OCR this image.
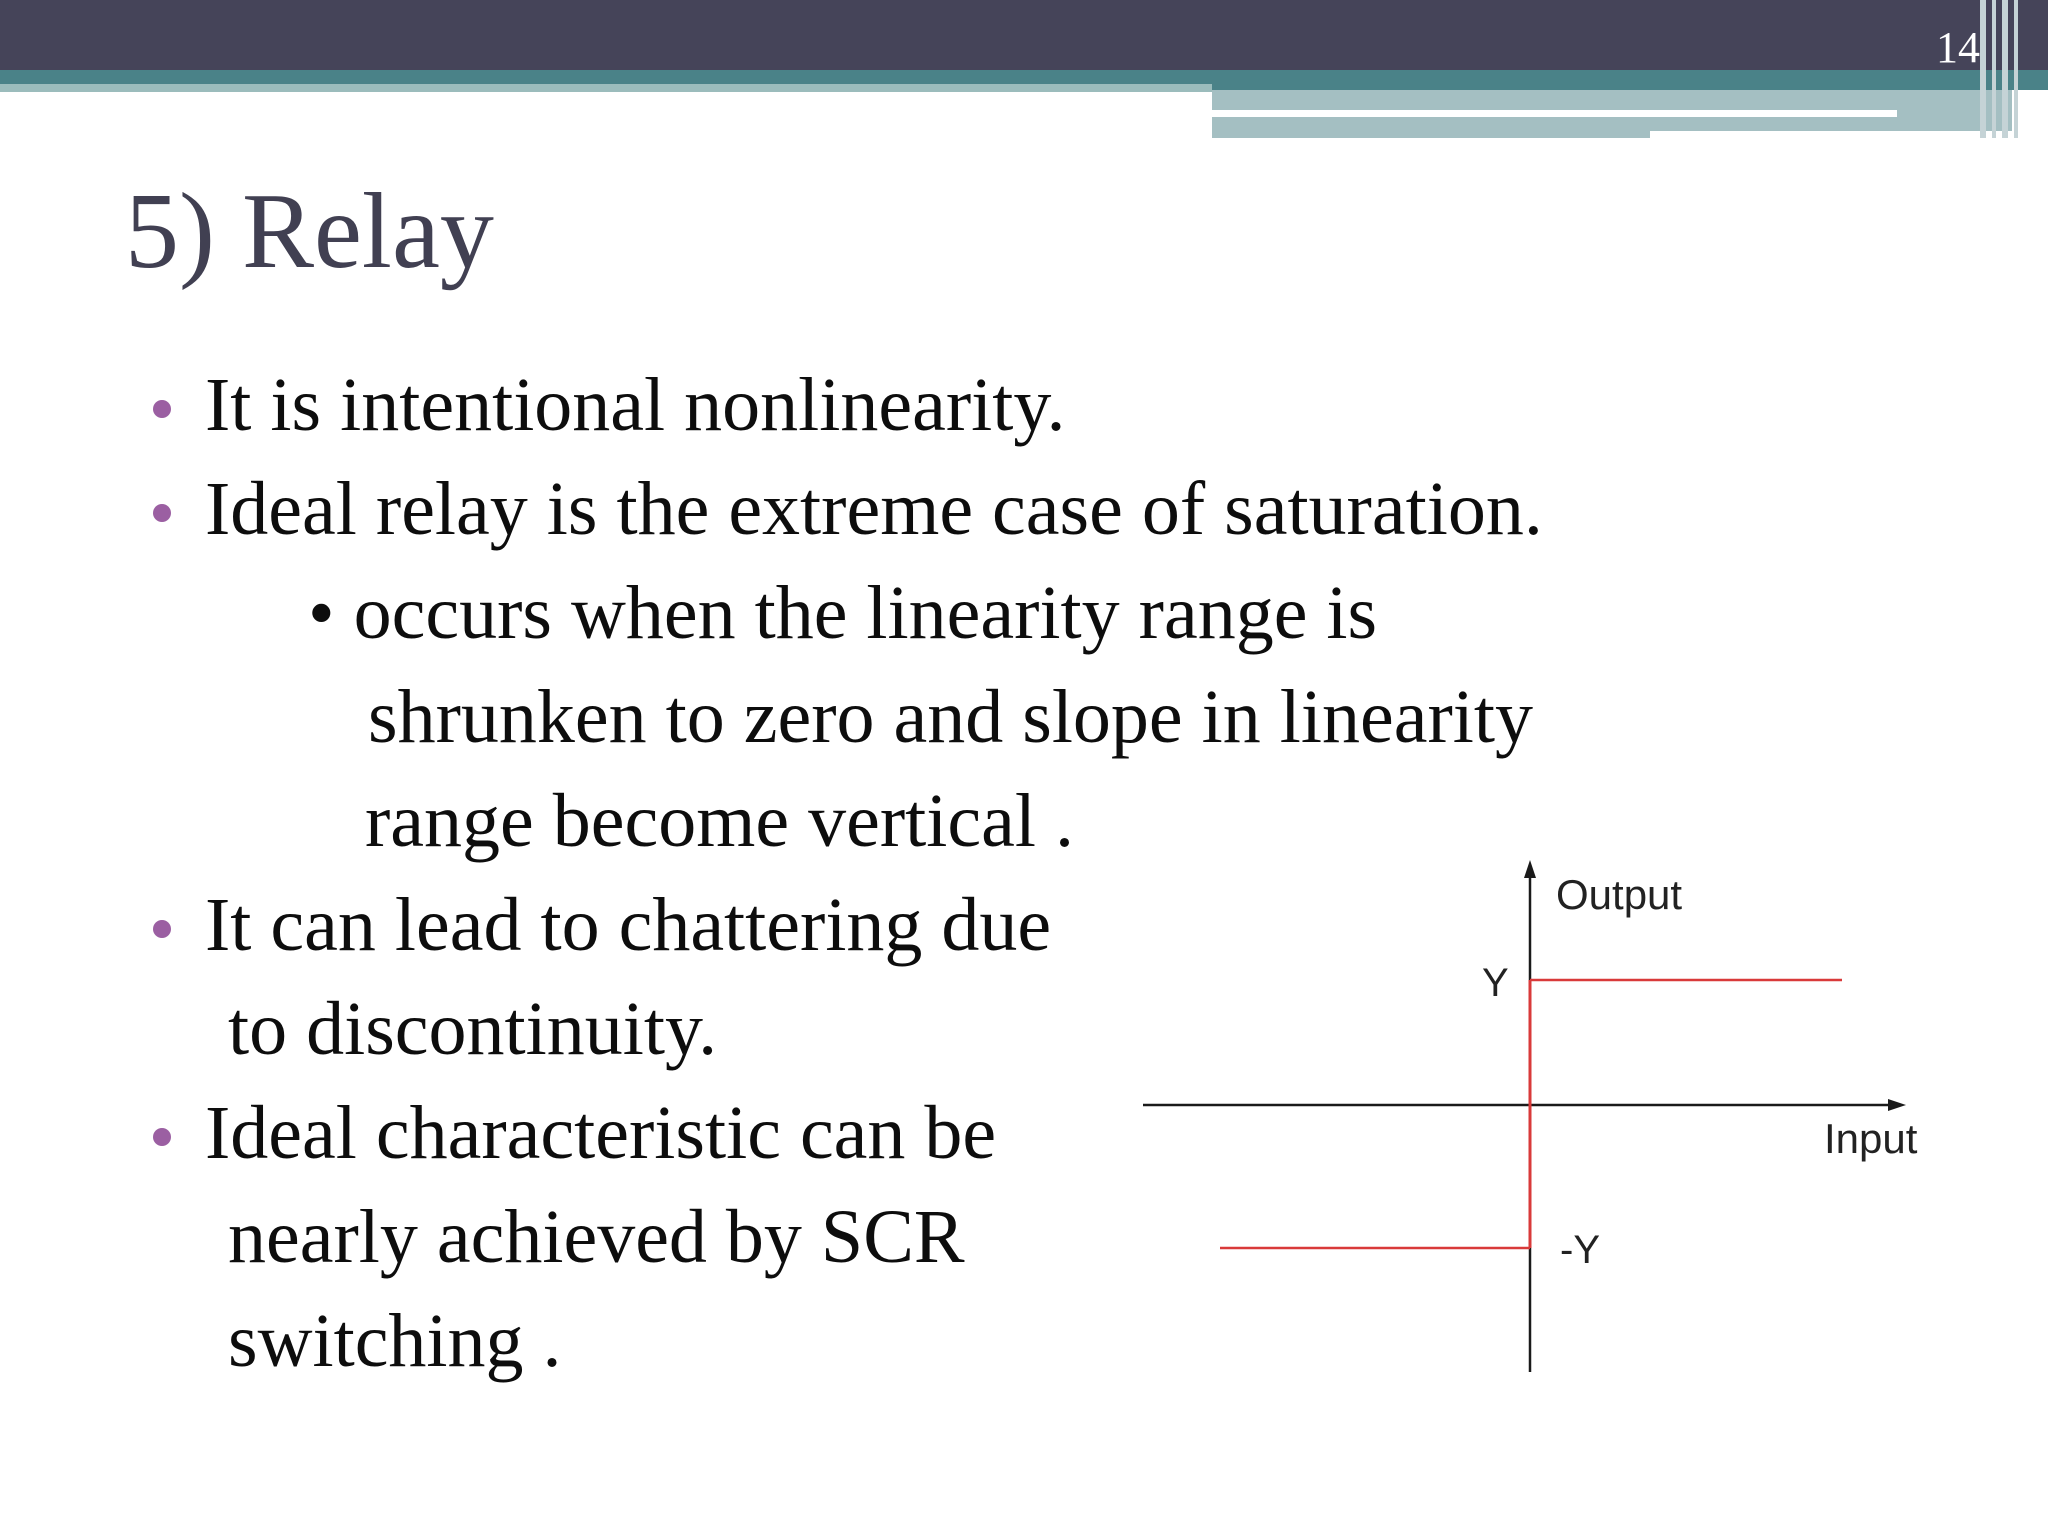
14
5) Relay
It is intentional nonlinearity.
Ideal relay is the extreme case of saturation.
• occurs when the linearity range is
shrunken to zero and slope in linearity
range become vertical .
It can lead to chattering due
to discontinuity.
Ideal characteristic can be
nearly achieved by SCR
switching .
Output
Y
Input
-Y
